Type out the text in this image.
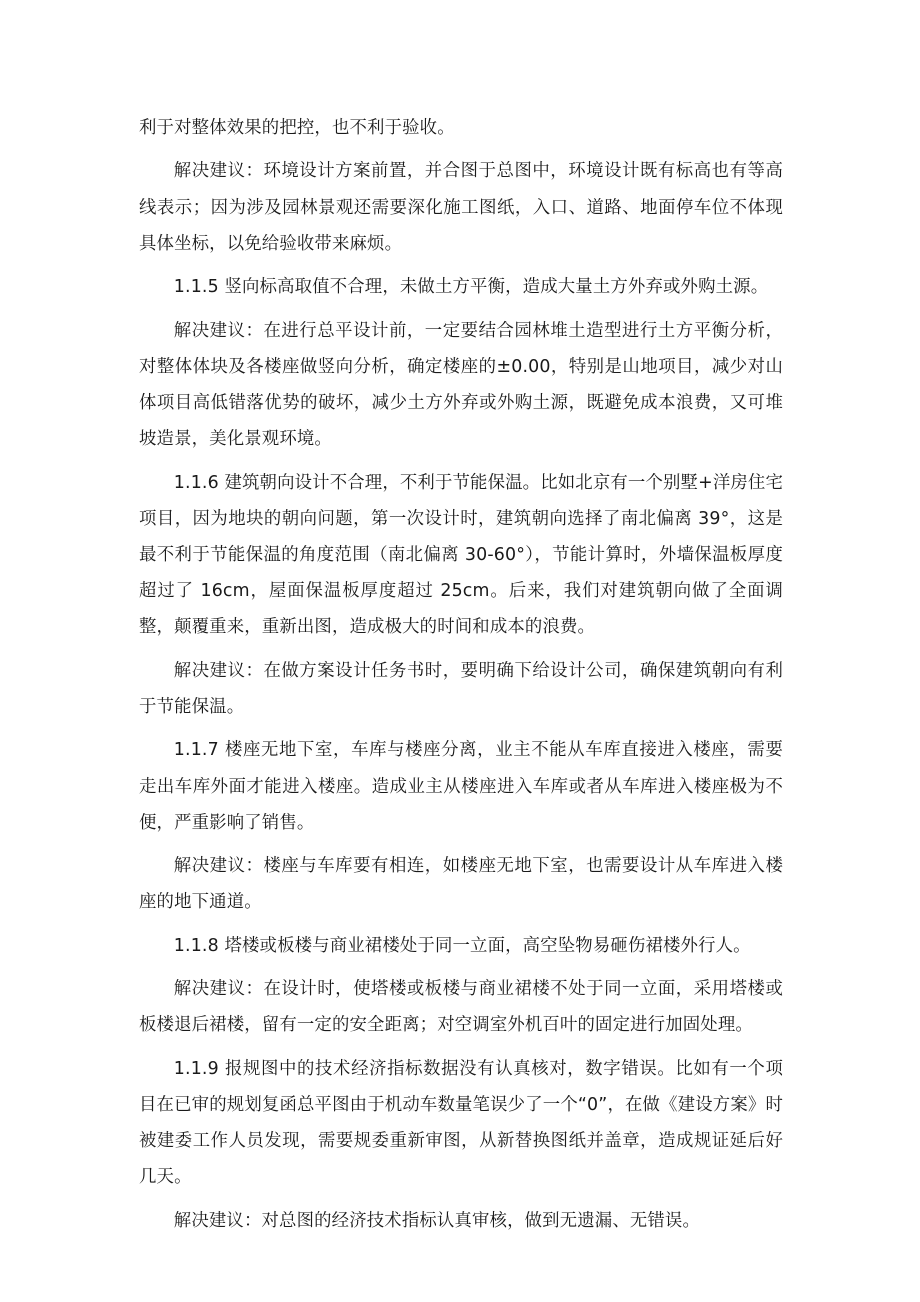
利于对整体效果的把控，也不利于验收。

解决建议：环境设计方案前置，并合图于总图中，环境设计既有标高也有等高线表示；因为涉及园林景观还需要深化施工图纸，入口、道路、地面停车位不体现具体坐标，以免给验收带来麻烦。

1.1.5 竖向标高取值不合理，未做土方平衡，造成大量土方外弃或外购土源。

解决建议：在进行总平设计前，一定要结合园林堆土造型进行土方平衡分析，对整体体块及各楼座做竖向分析，确定楼座的±0.00，特别是山地项目，减少对山体项目高低错落优势的破坏，减少土方外弃或外购土源，既避免成本浪费，又可堆坡造景，美化景观环境。

1.1.6 建筑朝向设计不合理，不利于节能保温。比如北京有一个别墅+洋房住宅项目，因为地块的朝向问题，第一次设计时，建筑朝向选择了南北偏离 39°，这是最不利于节能保温的角度范围（南北偏离 30-60°），节能计算时，外墙保温板厚度超过了 16cm，屋面保温板厚度超过 25cm。后来，我们对建筑朝向做了全面调整，颠覆重来，重新出图，造成极大的时间和成本的浪费。

解决建议：在做方案设计任务书时，要明确下给设计公司，确保建筑朝向有利于节能保温。

1.1.7 楼座无地下室，车库与楼座分离，业主不能从车库直接进入楼座，需要走出车库外面才能进入楼座。造成业主从楼座进入车库或者从车库进入楼座极为不便，严重影响了销售。

解决建议：楼座与车库要有相连，如楼座无地下室，也需要设计从车库进入楼座的地下通道。

1.1.8 塔楼或板楼与商业裙楼处于同一立面，高空坠物易砸伤裙楼外行人。

解决建议：在设计时，使塔楼或板楼与商业裙楼不处于同一立面，采用塔楼或板楼退后裙楼，留有一定的安全距离；对空调室外机百叶的固定进行加固处理。

1.1.9 报规图中的技术经济指标数据没有认真核对，数字错误。比如有一个项目在已审的规划复函总平图由于机动车数量笔误少了一个“0”，在做《建设方案》时被建委工作人员发现，需要规委重新审图，从新替换图纸并盖章，造成规证延后好几天。

解决建议：对总图的经济技术指标认真审核，做到无遗漏、无错误。
